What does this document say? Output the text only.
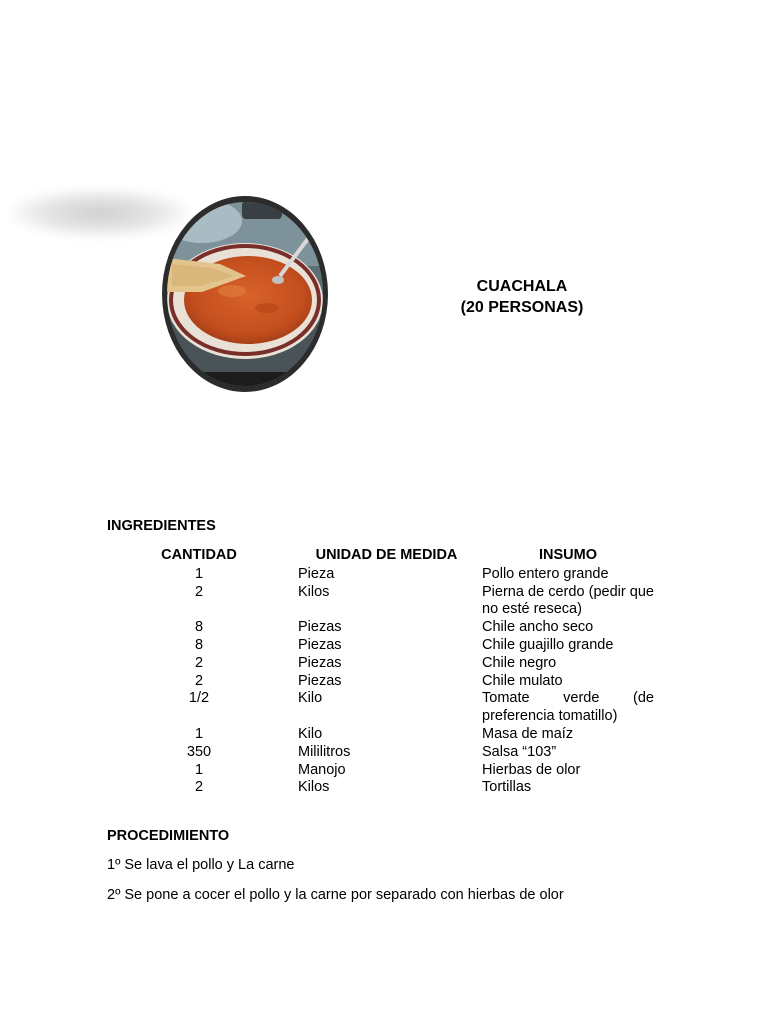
CUACHALA
(20 PERSONAS)
INGREDIENTES
CANTIDAD	UNIDAD DE MEDIDA	INSUMO
1	Pieza	Pollo entero grande
2	Kilos	Pierna de cerdo (pedir que no esté reseca)
8	Piezas	Chile ancho seco
8	Piezas	Chile guajillo grande
2	Piezas	Chile negro
2	Piezas	Chile mulato
1/2	Kilo	Tomate verde (de preferencia tomatillo)
1	Kilo	Masa de maíz
350	Mililitros	Salsa “103”
1	Manojo	Hierbas de olor
2	Kilos	Tortillas
PROCEDIMIENTO
1º Se lava el pollo y La carne
2º Se pone a cocer el pollo y la carne por separado con hierbas de olor
